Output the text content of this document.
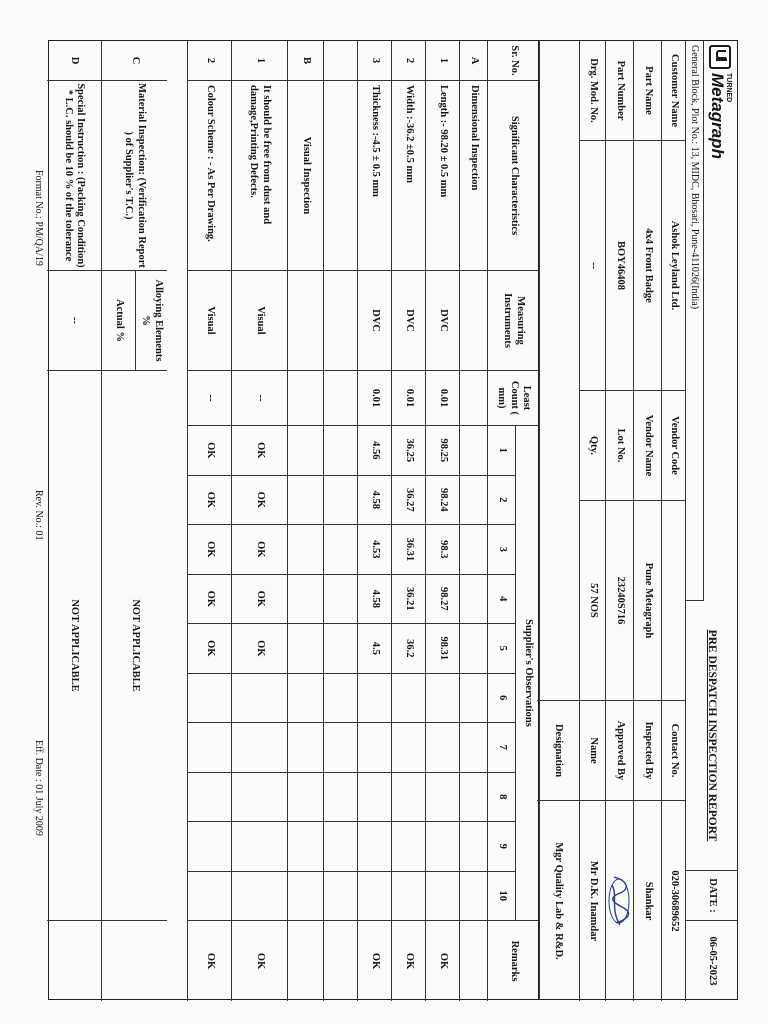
TURNED
Metagraph
General Block, Plot No.: 13, MIDC, Bhosari, Pune-411026(India)
PRE DESPATCH INSPECTION REPORT
DATE :
06-05-2023
Customer Name
Ashok Leyland Ltd.
Vendor Code
Contact No.
020-30689652
Part Name
4x4 Front Badge
Vendor Name
Pune Metagraph
Inspected By
Shankar
Part Number
BOY46408
Lot No.
23240S716
Approved By
Drg. Mod. No.
--
Qty.
57 NOS
Name
Mr D.K. Inamdar
Designation
Mgr Quality Lab & R&D.
Sr. No.
Significant Characteristics
Measuring Instruments
Least Count ( mm)
Supplier's Observations
Remarks
C
Material Inspection: (Verification Report ) of Supplier's T.C.)
Alloying Elements %
Actual %
NOT APPLICABLE
D
Special Instruction : (Packing Condition) * L.C. should be 10 % of the tolerance
--
NOT APPLICABLE
1
2
3
4
5
6
7
8
9
10
A
Dimensional Inspection
1
Length :- 98.20 ± 0.5 mm
DVC
0.01
98.25
98.24
98.3
98.27
98.31
OK
2
Width :-36.2 ±0.5 mm
DVC
0.01
36.25
36.27
36.31
36.21
36.2
OK
3
Thickness :-4.5 ± 0.5 mm
DVC
0.01
4.56
4.58
4.53
4.58
4.5
OK
B
Visual Inspection
1
It should be free from dust and damage,Printing Defects.
Visual
--
OK
OK
OK
OK
OK
OK
2
Colour Scheme : - As Per Drawing.
Visual
--
OK
OK
OK
OK
OK
OK
Format No.: PM/QA/19
Rev. No.: 01
Eff. Date : 01 July 2009
